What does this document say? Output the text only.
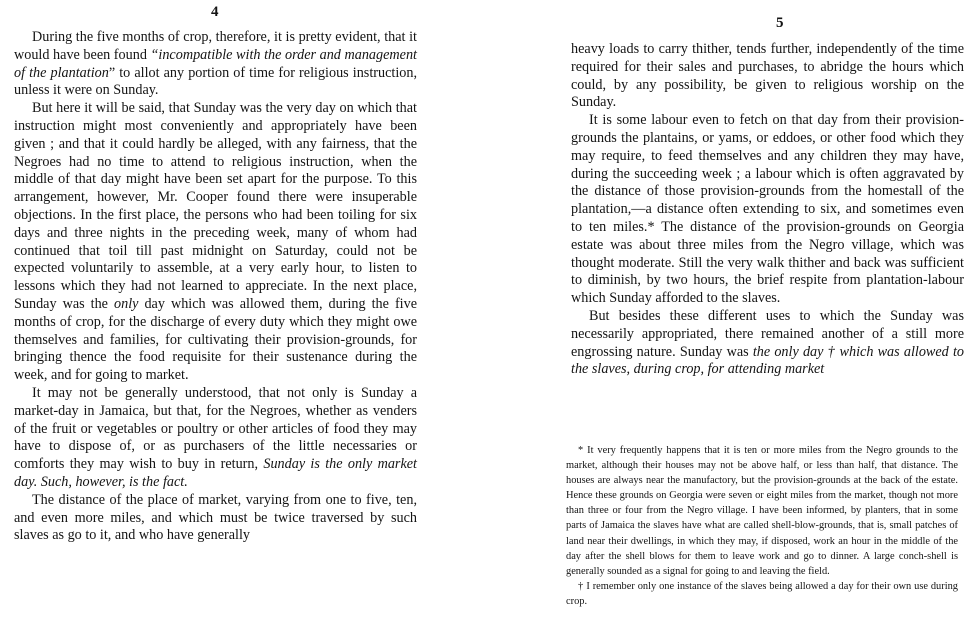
4

During the five months of crop, therefore, it is pretty evident, that it would have been found “incompatible with the order and management of the plantation” to allot any portion of time for religious instruction, unless it were on Sunday.

But here it will be said, that Sunday was the very day on which that instruction might most conveniently and appropriately have been given ; and that it could hardly be alleged, with any fairness, that the Negroes had no time to attend to religious instruction, when the middle of that day might have been set apart for the purpose. To this arrangement, however, Mr. Cooper found there were insuperable objections. In the first place, the persons who had been toiling for six days and three nights in the preceding week, many of whom had continued that toil till past midnight on Saturday, could not be expected voluntarily to assemble, at a very early hour, to listen to lessons which they had not learned to appreciate. In the next place, Sunday was the only day which was allowed them, during the five months of crop, for the discharge of every duty which they might owe themselves and families, for cultivating their provision-grounds, for bringing thence the food requisite for their sustenance during the week, and for going to market.

It may not be generally understood, that not only is Sunday a market-day in Jamaica, but that, for the Negroes, whether as venders of the fruit or vegetables or poultry or other articles of food they may have to dispose of, or as purchasers of the little necessaries or comforts they may wish to buy in return, Sunday is the only market day. Such, however, is the fact.

The distance of the place of market, varying from one to five, ten, and even more miles, and which must be twice traversed by such slaves as go to it, and who have generally

5

heavy loads to carry thither, tends further, independently of the time required for their sales and purchases, to abridge the hours which could, by any possibility, be given to religious worship on the Sunday.

It is some labour even to fetch on that day from their provision-grounds the plantains, or yams, or eddoes, or other food which they may require, to feed themselves and any children they may have, during the succeeding week ; a labour which is often aggravated by the distance of those provision-grounds from the homestall of the plantation,—a distance often extending to six, and sometimes even to ten miles.* The distance of the provision-grounds on Georgia estate was about three miles from the Negro village, which was thought moderate. Still the very walk thither and back was sufficient to diminish, by two hours, the brief respite from plantation-labour which Sunday afforded to the slaves.

But besides these different uses to which the Sunday was necessarily appropriated, there remained another of a still more engrossing nature. Sunday was the only day † which was allowed to the slaves, during crop, for attending market

* It very frequently happens that it is ten or more miles from the Negro grounds to the market, although their houses may not be above half, or less than half, that distance. The houses are always near the manufactory, but the provision-grounds at the back of the estate. Hence these grounds on Georgia were seven or eight miles from the market, though not more than three or four from the Negro village. I have been informed, by planters, that in some parts of Jamaica the slaves have what are called shell-blow-grounds, that is, small patches of land near their dwellings, in which they may, if disposed, work an hour in the middle of the day after the shell blows for them to leave work and go to dinner. A large conch-shell is generally sounded as a signal for going to and leaving the field.

† I remember only one instance of the slaves being allowed a day for their own use during crop.
